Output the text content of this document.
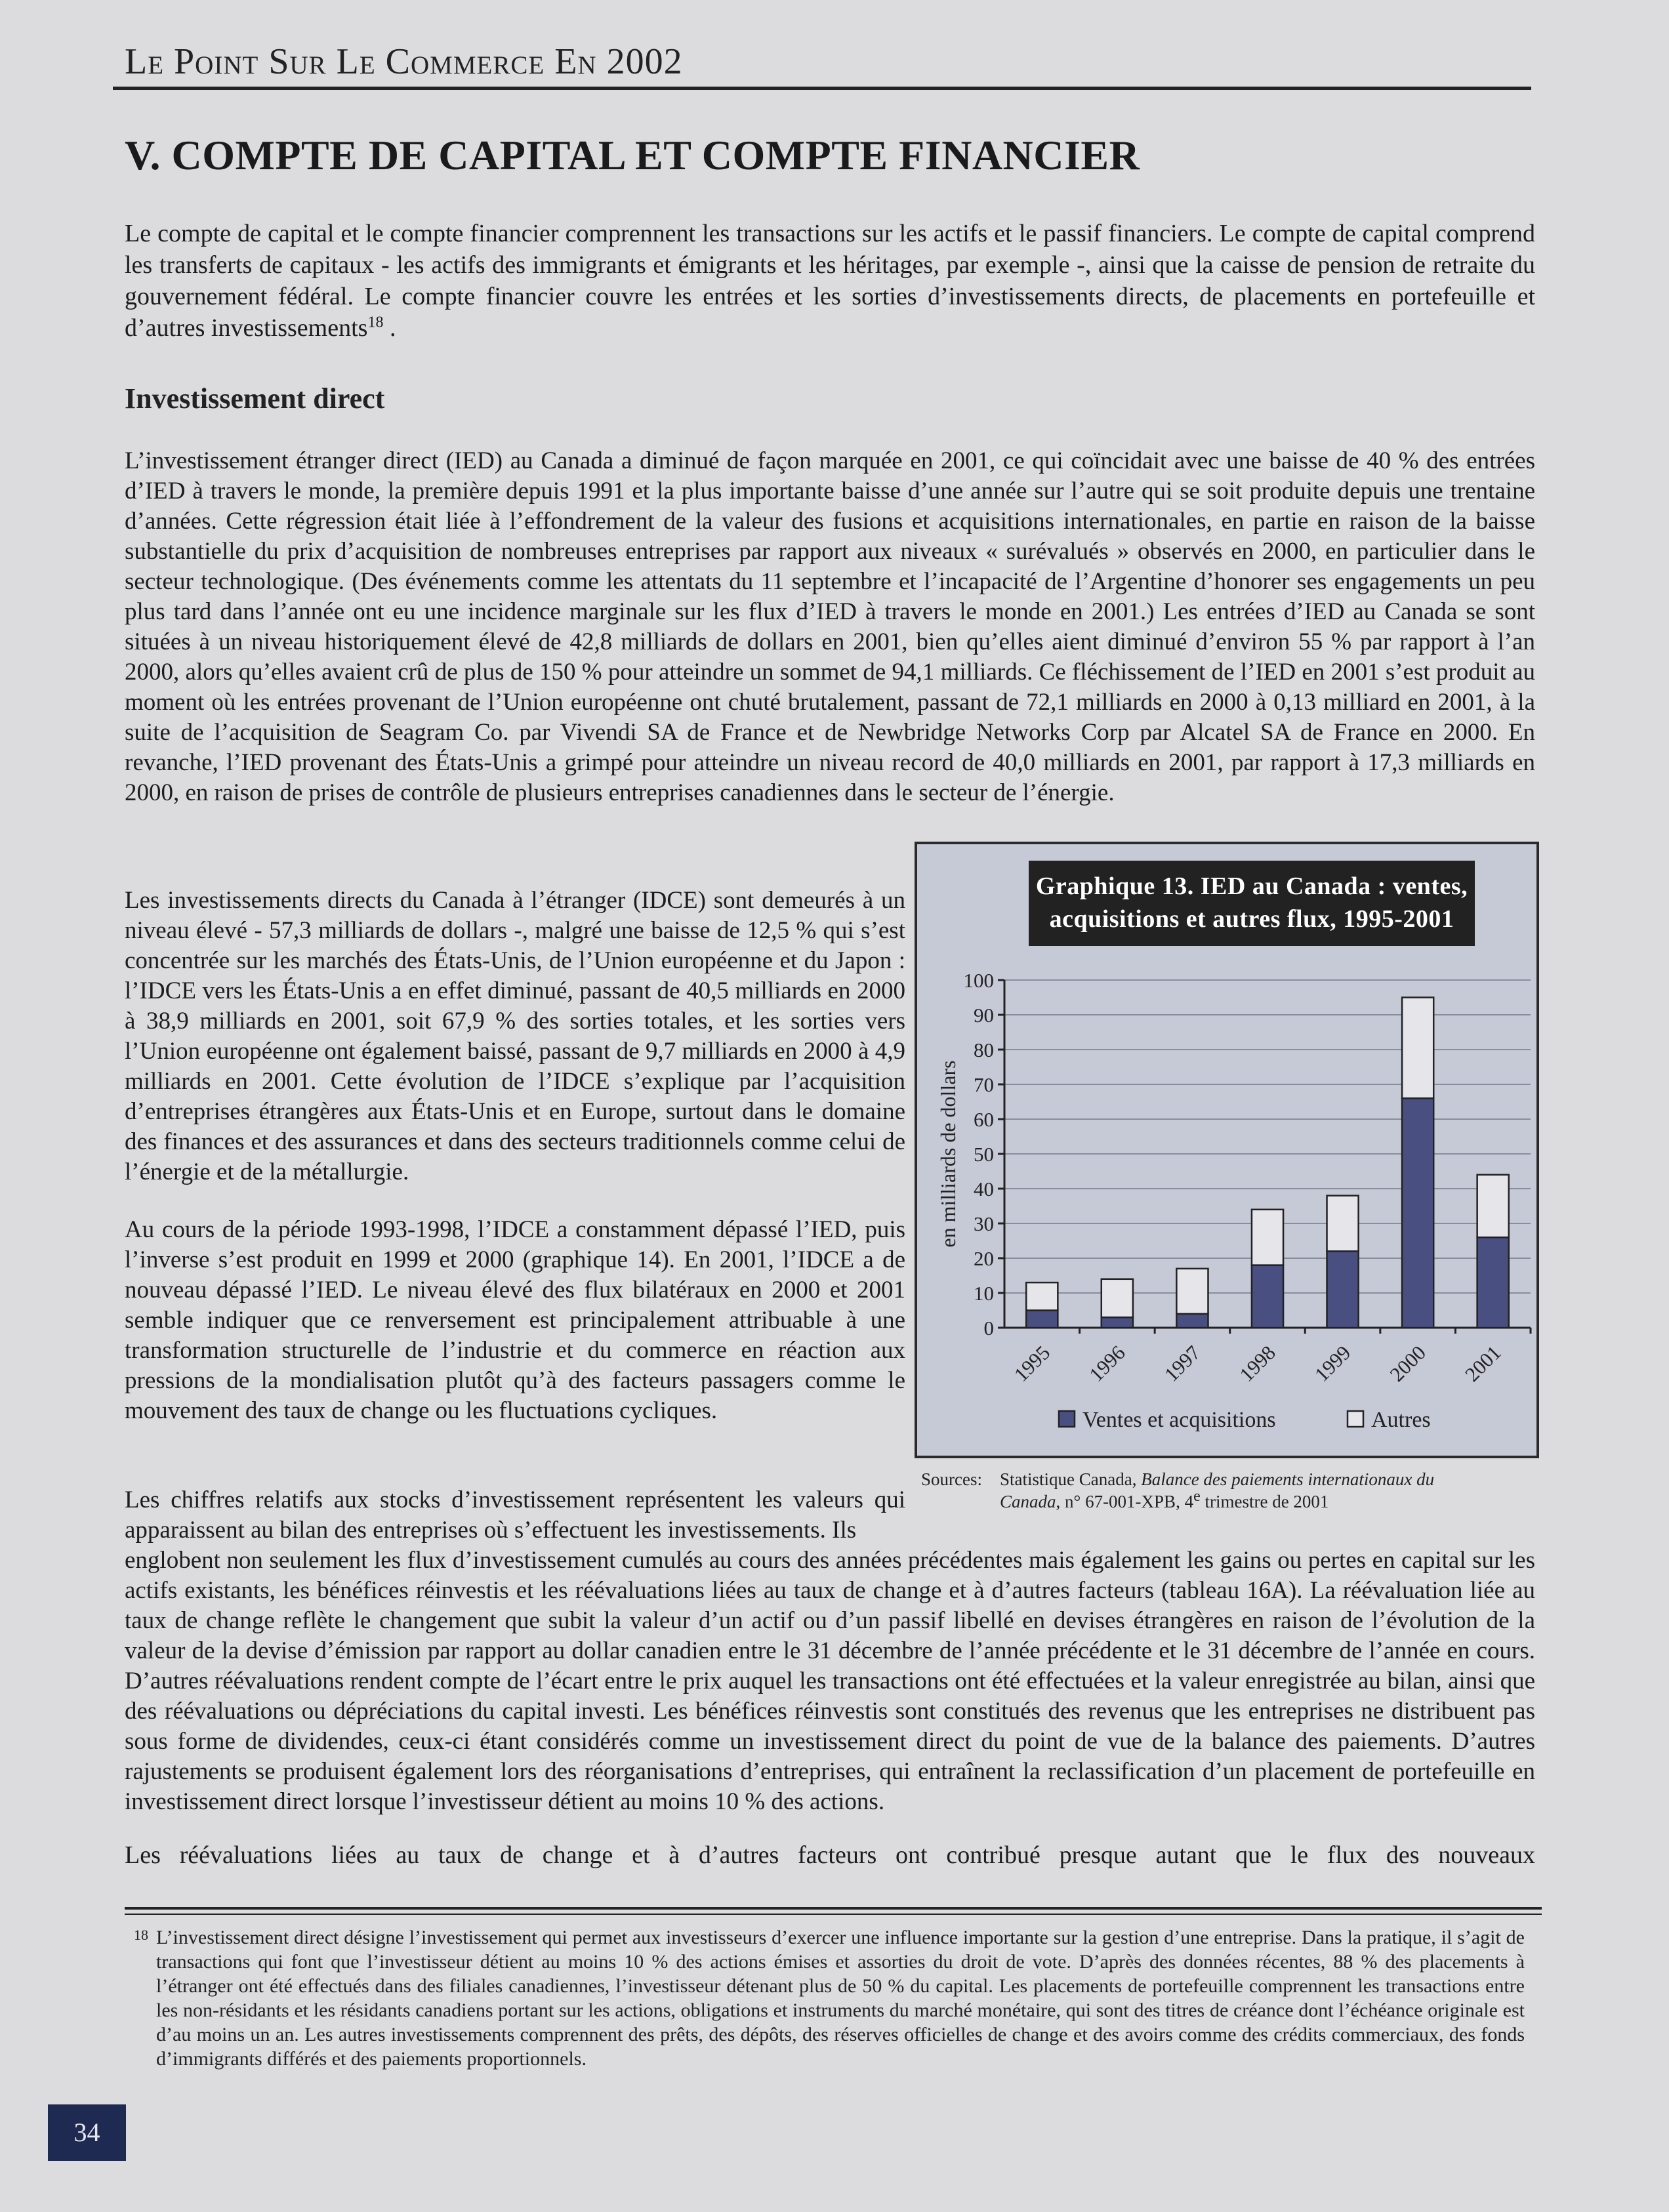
Le Point Sur Le Commerce En 2002
V. COMPTE DE CAPITAL ET COMPTE FINANCIER

Le compte de capital et le compte financier comprennent les transactions sur les actifs et le passif financiers. Le compte de capital comprend les transferts de capitaux - les actifs des immigrants et émigrants et les héritages, par exemple -, ainsi que la caisse de pension de retraite du gouvernement fédéral. Le compte financier couvre les entrées et les sorties d’investissements directs, de placements en portefeuille et d’autres investissements$^{18}$ .

Investissement direct

L’investissement étranger direct (IED) au Canada a diminué de façon marquée en 2001, ce qui coïncidait avec une baisse de 40 % des entrées d’IED à travers le monde, la première depuis 1991 et la plus importante baisse d’une année sur l’autre qui se soit produite depuis une trentaine d’années. Cette régression était liée à l’effondrement de la valeur des fusions et acquisitions internationales, en partie en raison de la baisse substantielle du prix d’acquisition de nombreuses entreprises par rapport aux niveaux « surévalués » observés en 2000, en particulier dans le secteur technologique. (Des événements comme les attentats du 11 septembre et l’incapacité de l’Argentine d’honorer ses engagements un peu plus tard dans l’année ont eu une incidence marginale sur les flux d’IED à travers le monde en 2001.) Les entrées d’IED au Canada se sont situées à un niveau historiquement élevé de 42,8 milliards de dollars en 2001, bien qu’elles aient diminué d’environ 55 % par rapport à l’an 2000, alors qu’elles avaient crû de plus de 150 % pour atteindre un sommet de 94,1 milliards. Ce fléchissement de l’IED en 2001 s’est produit au moment où les entrées provenant de l’Union européenne ont chuté brutalement, passant de 72,1 milliards en 2000 à 0,13 milliard en 2001, à la suite de l’acquisition de Seagram Co. par Vivendi SA de France et de Newbridge Networks Corp par Alcatel SA de France en 2000. En revanche, l’IED provenant des États-Unis a grimpé pour atteindre un niveau record de 40,0 milliards en 2001, par rapport à 17,3 milliards en 2000, en raison de prises de contrôle de plusieurs entreprises canadiennes dans le secteur de l’énergie.

Les investissements directs du Canada à l’étranger (IDCE) sont demeurés à un niveau élevé - 57,3 milliards de dollars -, malgré une baisse de 12,5 % qui s’est concentrée sur les marchés des États-Unis, de l’Union européenne et du Japon : l’IDCE vers les États-Unis a en effet diminué, passant de 40,5 milliards en 2000 à 38,9 milliards en 2001, soit 67,9 % des sorties totales, et les sorties vers l’Union européenne ont également baissé, passant de 9,7 milliards en 2000 à 4,9 milliards en 2001. Cette évolution de l’IDCE s’explique par l’acquisition d’entreprises étrangères aux États-Unis et en Europe, surtout dans le domaine des finances et des assurances et dans des secteurs traditionnels comme celui de l’énergie et de la métallurgie.

Au cours de la période 1993-1998, l’IDCE a constamment dépassé l’IED, puis l’inverse s’est produit en 1999 et 2000 (graphique 14). En 2001, l’IDCE a de nouveau dépassé l’IED. Le niveau élevé des flux bilatéraux en 2000 et 2001 semble indiquer que ce renversement est principalement attribuable à une transformation structurelle de l’industrie et du commerce en réaction aux pressions de la mondialisation plutôt qu’à des facteurs passagers comme le mouvement des taux de change ou les fluctuations cycliques.

Les chiffres relatifs aux stocks d’investissement représentent les valeurs qui apparaissent au bilan des entreprises où s’effectuent les investissements. Ils

englobent non seulement les flux d’investissement cumulés au cours des années précédentes mais également les gains ou pertes en capital sur les actifs existants, les bénéfices réinvestis et les réévaluations liées au taux de change et à d’autres facteurs (tableau 16A). La réévaluation liée au taux de change reflète le changement que subit la valeur d’un actif ou d’un passif libellé en devises étrangères en raison de l’évolution de la valeur de la devise d’émission par rapport au dollar canadien entre le 31 décembre de l’année précédente et le 31 décembre de l’année en cours. D’autres réévaluations rendent compte de l’écart entre le prix auquel les transactions ont été effectuées et la valeur enregistrée au bilan, ainsi que des réévaluations ou dépréciations du capital investi. Les bénéfices réinvestis sont constitués des revenus que les entreprises ne distribuent pas sous forme de dividendes, ceux-ci étant considérés comme un investissement direct du point de vue de la balance des paiements. D’autres rajustements se produisent également lors des réorganisations d’entreprises, qui entraînent la reclassification d’un placement de portefeuille en investissement direct lorsque l’investisseur détient au moins 10 % des actions.

Les réévaluations liées au taux de change et à d’autres facteurs ont contribué presque autant que le flux des nouveaux

Graphique 13. IED au Canada : ventes,
acquisitions et autres flux, 1995-2001
0
10
20
30
40
50
60
70
80
90
100
en milliards de dollars
1995 1996 1997 1998 1999 2000 2001
Ventes et acquisitions	Autres
Sources: Statistique Canada, Balance des paiements internationaux du
Canada, n° 67-001-XPB, 4e trimestre de 2001
18 L’investissement direct désigne l’investissement qui permet aux investisseurs d’exercer une influence importante sur la gestion d’une entreprise. Dans la pratique, il s’agit de transactions qui font que l’investisseur détient au moins 10 % des actions émises et assorties du droit de vote. D’après des données récentes, 88 % des placements à l’étranger ont été effectués dans des filiales canadiennes, l’investisseur détenant plus de 50 % du capital. Les placements de portefeuille comprennent les transactions entre les non-résidants et les résidants canadiens portant sur les actions, obligations et instruments du marché monétaire, qui sont des titres de créance dont l’échéance originale est d’au moins un an. Les autres investissements comprennent des prêts, des dépôts, des réserves officielles de change et des avoirs comme des crédits commerciaux, des fonds d’immigrants différés et des paiements proportionnels.
34
